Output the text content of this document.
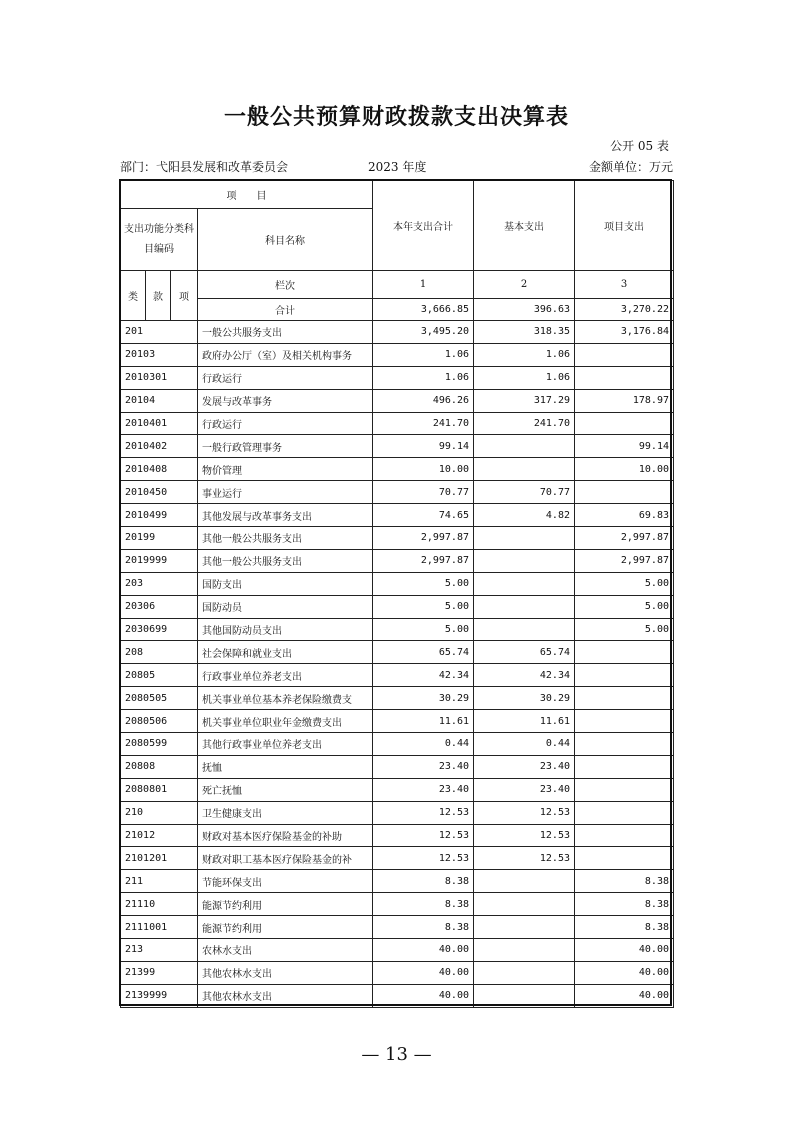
一般公共预算财政拨款支出决算表
公开 05 表
部门：弋阳县发展和改革委员会	2023 年度	金额单位：万元
项　　目				本年支出合计	基本支出	项目支出
支出功能分类科目编码			科目名称			

类	款	项	栏次	1	2	3
			合计	3,666.85	396.63	3,270.22
201			一般公共服务支出	3,495.20	318.35	3,176.84
20103			政府办公厅（室）及相关机构事务	1.06	1.06	
2010301			行政运行	1.06	1.06	
20104			发展与改革事务	496.26	317.29	178.97
2010401			行政运行	241.70	241.70	
2010402			一般行政管理事务	99.14		99.14
2010408			物价管理	10.00		10.00
2010450			事业运行	70.77	70.77	
2010499			其他发展与改革事务支出	74.65	4.82	69.83
20199			其他一般公共服务支出	2,997.87		2,997.87
2019999			其他一般公共服务支出	2,997.87		2,997.87
203			国防支出	5.00		5.00
20306			国防动员	5.00		5.00
2030699			其他国防动员支出	5.00		5.00
208			社会保障和就业支出	65.74	65.74	
20805			行政事业单位养老支出	42.34	42.34	
2080505			机关事业单位基本养老保险缴费支	30.29	30.29	
2080506			机关事业单位职业年金缴费支出	11.61	11.61	
2080599			其他行政事业单位养老支出	0.44	0.44	
20808			抚恤	23.40	23.40	
2080801			死亡抚恤	23.40	23.40	
210			卫生健康支出	12.53	12.53	
21012			财政对基本医疗保险基金的补助	12.53	12.53	
2101201			财政对职工基本医疗保险基金的补	12.53	12.53	
211			节能环保支出	8.38		8.38
21110			能源节约利用	8.38		8.38
2111001			能源节约利用	8.38		8.38
213			农林水支出	40.00		40.00
21399			其他农林水支出	40.00		40.00
2139999			其他农林水支出	40.00		40.00
— 13 —
